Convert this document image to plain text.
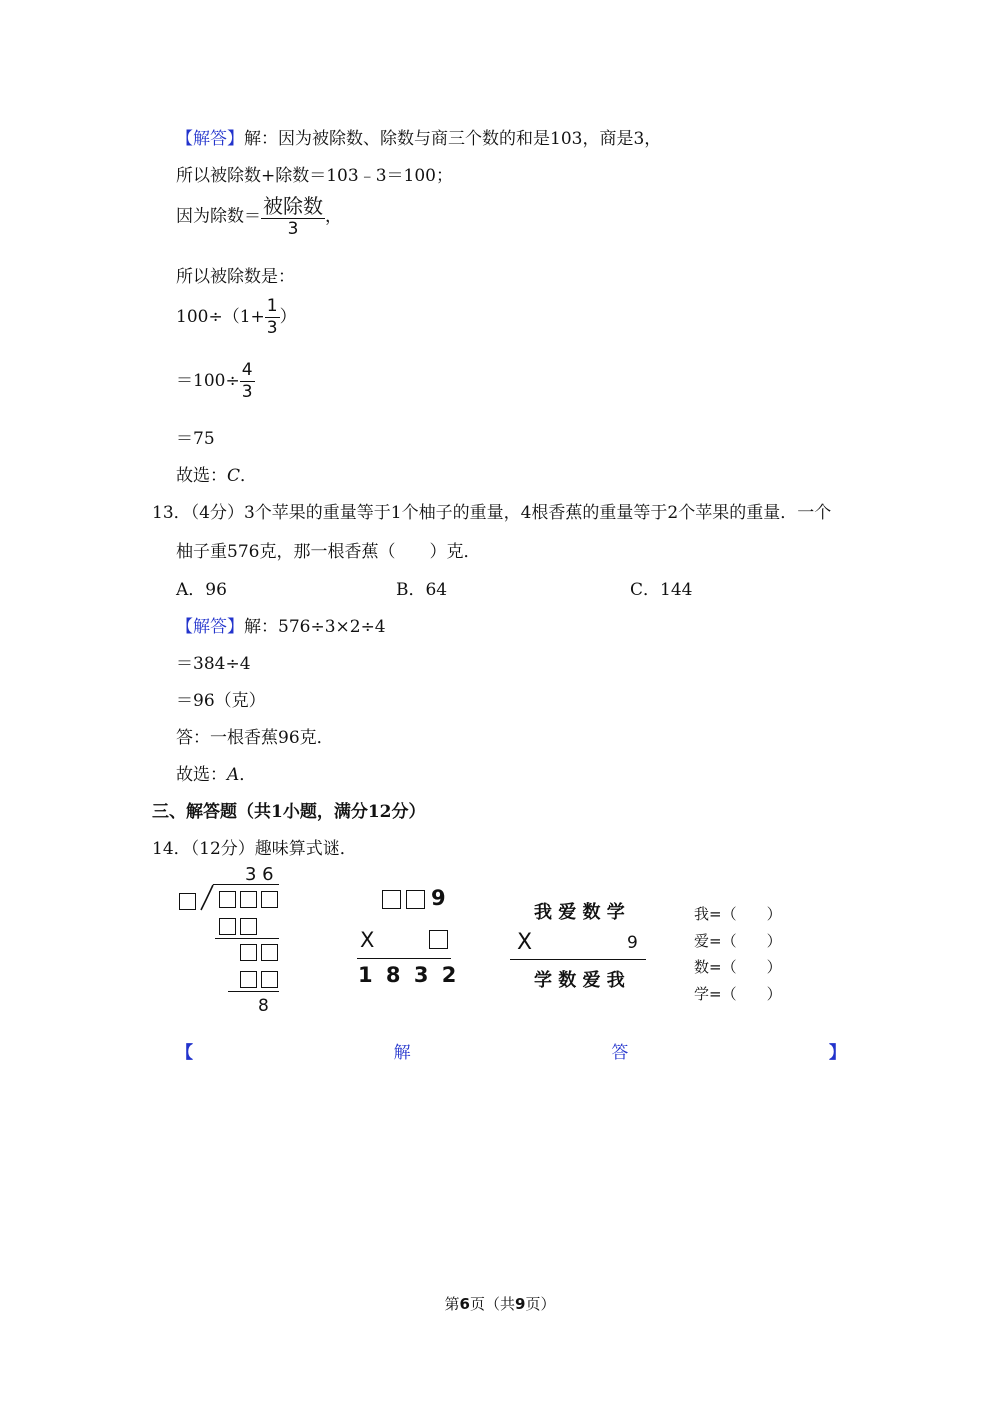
【解答】解：因为被除数、除数与商三个数的和是103，商是3，
所以被除数+除数＝103﹣3＝100；
因为除数＝ $\frac{\text{被除数}}{3}$ ，
所以被除数是：
$100\div(1+ \frac{1}{3}$ ）
$=100\div \frac{4}{3}$
＝75
故选：C．
13．（4分）3个苹果的重量等于1个柚子的重量，4根香蕉的重量等于2个苹果的重量．一个
柚子重576克，那一根香蕉（　　）克．
A．96	B．64	C．144
【解答】解：576÷3×2÷4
＝384÷4
＝96（克）
答：一根香蕉96克．
故选：A．
三、解答题（共1小题，满分12分）
14．（12分）趣味算式谜．
3 6
8
9
X
1 8 3 2
我 爱 数 学
X	9
学 数 爱 我
我=（　　）
爱=（　　）
数=（　　）
学=（　　）
【	解	答	】
第6页（共9页）
